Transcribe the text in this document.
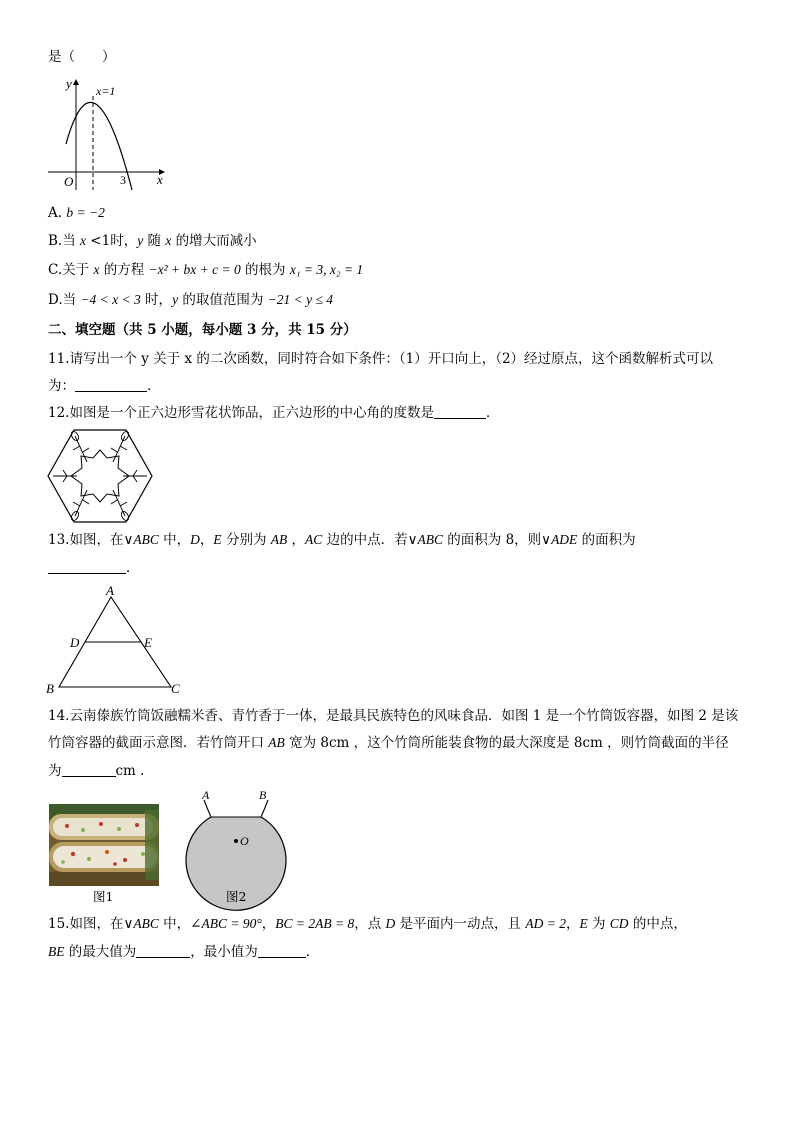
是（　　）
y
x
O
x=1
3
A. b = −2
B.当 x <1时，y 随 x 的增大而减小
C.关于 x 的方程 −x² + bx + c = 0 的根为 x₁ = 3, x₂ = 1
D.当 −4 < x < 3 时，y 的取值范围为 −21 < y ≤ 4
二、填空题（共 5 小题，每小题 3 分，共 15 分）
11.请写出一个 y 关于 x 的二次函数，同时符合如下条件：（1）开口向上，（2）经过原点，这个函数解析式可以
为：	．
12.如图是一个正六边形雪花状饰品，正六边形的中心角的度数是	．
13.如图，在∨ABC 中，D，E 分别为 AB ，AC 边的中点．若∨ABC 的面积为 8，则∨ADE 的面积为
．
A
B	C
D	E
14.云南傣族竹筒饭融糯米香、青竹香于一体，是最具民族特色的风味食品．如图 1 是一个竹筒饭容器，如图 2 是该
竹筒容器的截面示意图．若竹筒开口 AB 宽为 8cm ，这个竹筒所能装食物的最大深度是 8cm ，则竹筒截面的半径
为	cm .
A	B
O
图1	图2
15.如图，在∨ABC 中，∠ABC = 90°，BC = 2AB = 8，点 D 是平面内一动点，且 AD = 2，E 为 CD 的中点，
BE 的最大值为	，最小值为	．
